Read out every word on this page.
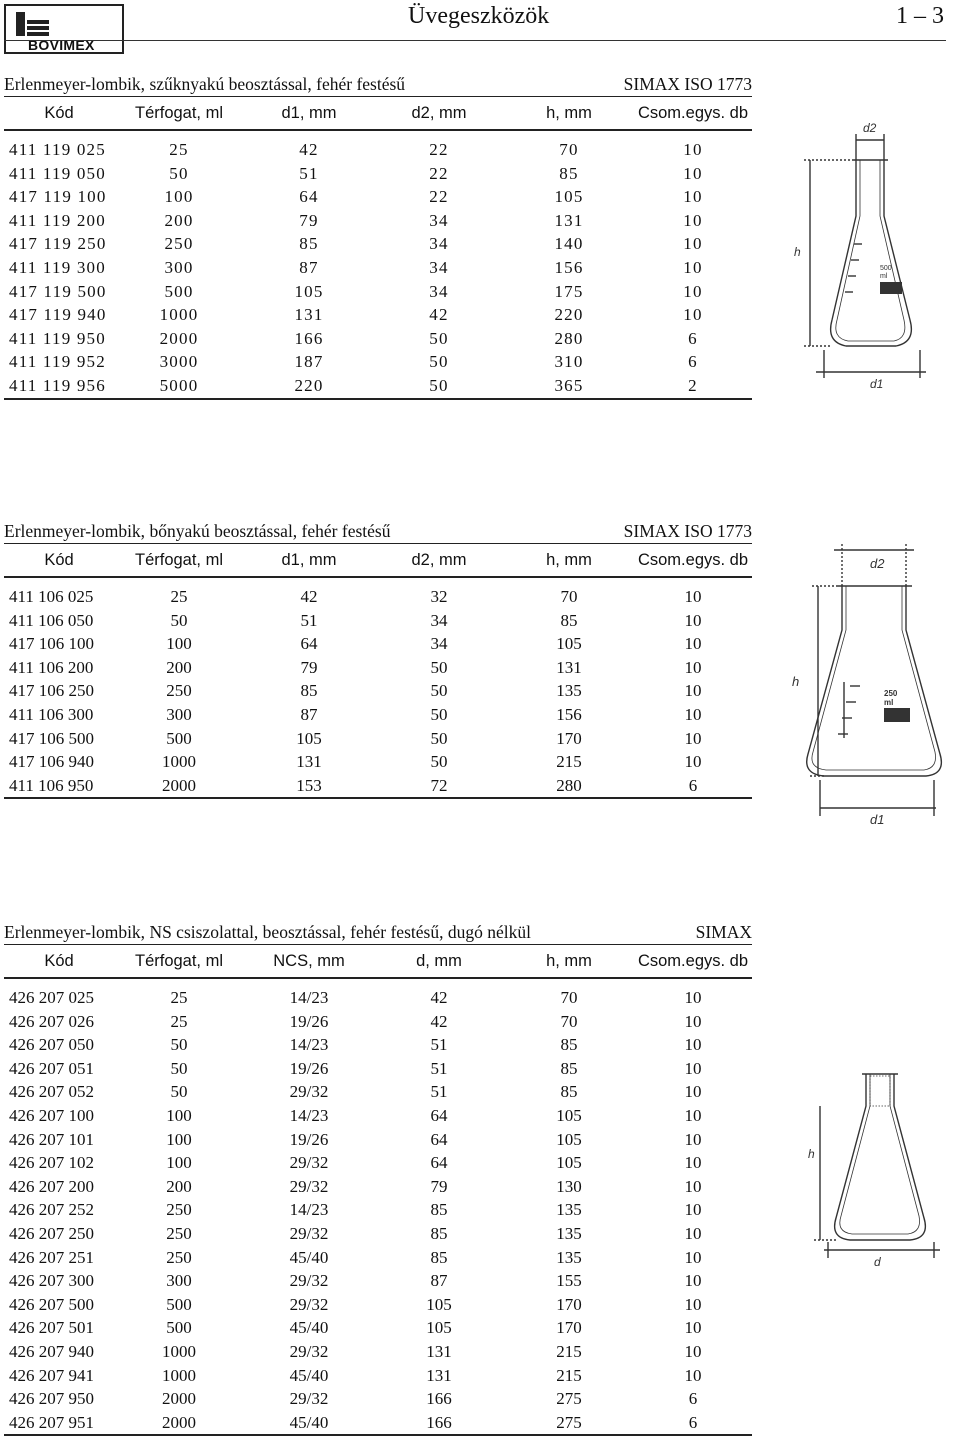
BOVIMEX
Üvegeszközök	1 – 3
Erlenmeyer-lombik, szűknyakú beosztással, fehér festésű	SIMAX ISO 1773
Kód	Térfogat, ml	d1, mm	d2, mm	h, mm	Csom.egys. db
411 119 025	25	42	22	70	10
411 119 050	50	51	22	85	10
417 119 100	100	64	22	105	10
411 119 200	200	79	34	131	10
417 119 250	250	85	34	140	10
411 119 300	300	87	34	156	10
417 119 500	500	105	34	175	10
417 119 940	1000	131	42	220	10
411 119 950	2000	166	50	280	6
411 119 952	3000	187	50	310	6
411 119 956	5000	220	50	365	2
Erlenmeyer-lombik, bőnyakú beosztással, fehér festésű	SIMAX ISO 1773
Kód	Térfogat, ml	d1, mm	d2, mm	h, mm	Csom.egys. db
411 106 025	25	42	32	70	10
411 106 050	50	51	34	85	10
417 106 100	100	64	34	105	10
411 106 200	200	79	50	131	10
417 106 250	250	85	50	135	10
411 106 300	300	87	50	156	10
417 106 500	500	105	50	170	10
417 106 940	1000	131	50	215	10
411 106 950	2000	153	72	280	6
Erlenmeyer-lombik, NS csiszolattal, beosztással, fehér festésű, dugó nélkül	SIMAX
Kód	Térfogat, ml	NCS, mm	d, mm	h, mm	Csom.egys. db
426 207 025	25	14/23	42	70	10
426 207 026	25	19/26	42	70	10
426 207 050	50	14/23	51	85	10
426 207 051	50	19/26	51	85	10
426 207 052	50	29/32	51	85	10
426 207 100	100	14/23	64	105	10
426 207 101	100	19/26	64	105	10
426 207 102	100	29/32	64	105	10
426 207 200	200	29/32	79	130	10
426 207 252	250	14/23	85	135	10
426 207 250	250	29/32	85	135	10
426 207 251	250	45/40	85	135	10
426 207 300	300	29/32	87	155	10
426 207 500	500	29/32	105	170	10
426 207 501	500	45/40	105	170	10
426 207 940	1000	29/32	131	215	10
426 207 941	1000	45/40	131	215	10
426 207 950	2000	29/32	166	275	6
426 207 951	2000	45/40	166	275	6
500
ml
d2
h
d1
250
ml
d2
h
d1
h
d
